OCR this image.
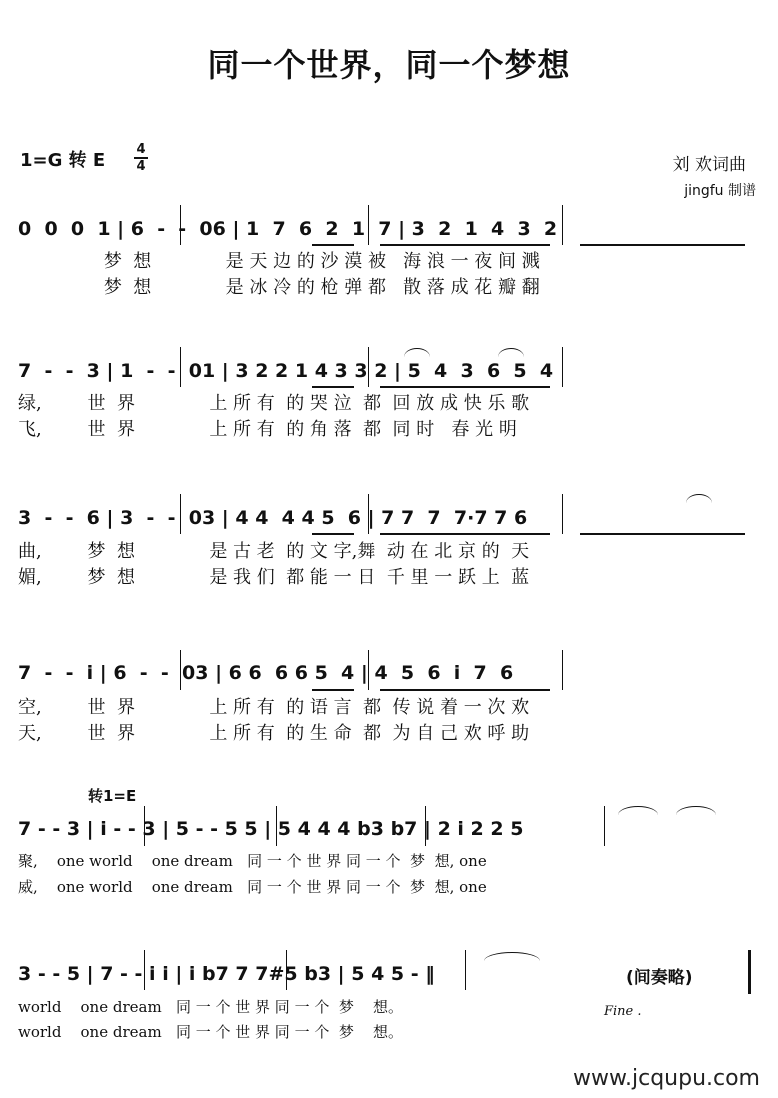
同一个世界，同一个梦想
1=G 转 E
4
4	刘 欢词曲
jingfu 制谱
0  0  0  1 | 6  -  -  06 | 1  7  6  2  1  7 | 3  2  1  4  3  2
梦  想             是 天 边 的 沙 漠 被   海 浪 一 夜 间 溅
梦  想             是 冰 冷 的 枪 弹 都   散 落 成 花 瓣 翻
7  -  -  3 | 1  -  -  01 | 3 2 2 1 4 3 3 2 | 5  4  3  6  5  4
绿,        世  界             上 所 有  的 哭 泣  都  回 放 成 快 乐 歌
飞,        世  界             上 所 有  的 角 落  都  同 时   春 光 明
3  -  -  6 | 3  -  -  03 | 4 4  4 4 5  6 | 7 7  7  7·7 7 6
曲,        梦  想             是 古 老  的 文 字,舞  动 在 北 京 的  天
媚,        梦  想             是 我 们  都 能 一 日  千 里 一 跃 上  蓝
7  -  -  i | 6  -  -  03 | 6 6  6 6 5  4 | 4  5  6  i  7  6
空,        世  界             上 所 有  的 语 言  都  传 说 着 一 次 欢
天,        世  界             上 所 有  的 生 命  都  为 自 己 欢 呼 助
转1=E
7 - - 3 | i - - 3 | 5 - - 5 5 | 5 4 4 4 b3 b7 | 2 i 2 2 5
聚,    one world    one dream   同 一 个 世 界 同 一 个  梦  想, one
威,    one world    one dream   同 一 个 世 界 同 一 个  梦  想, one
3 - - 5 | 7 - - i i | i b7 7 7#5 b3 | 5 4 5 - ‖	(间奏略)
world    one dream   同 一 个 世 界 同 一 个  梦    想。	Fine .
world    one dream   同 一 个 世 界 同 一 个  梦    想。
www.jcqupu.com
